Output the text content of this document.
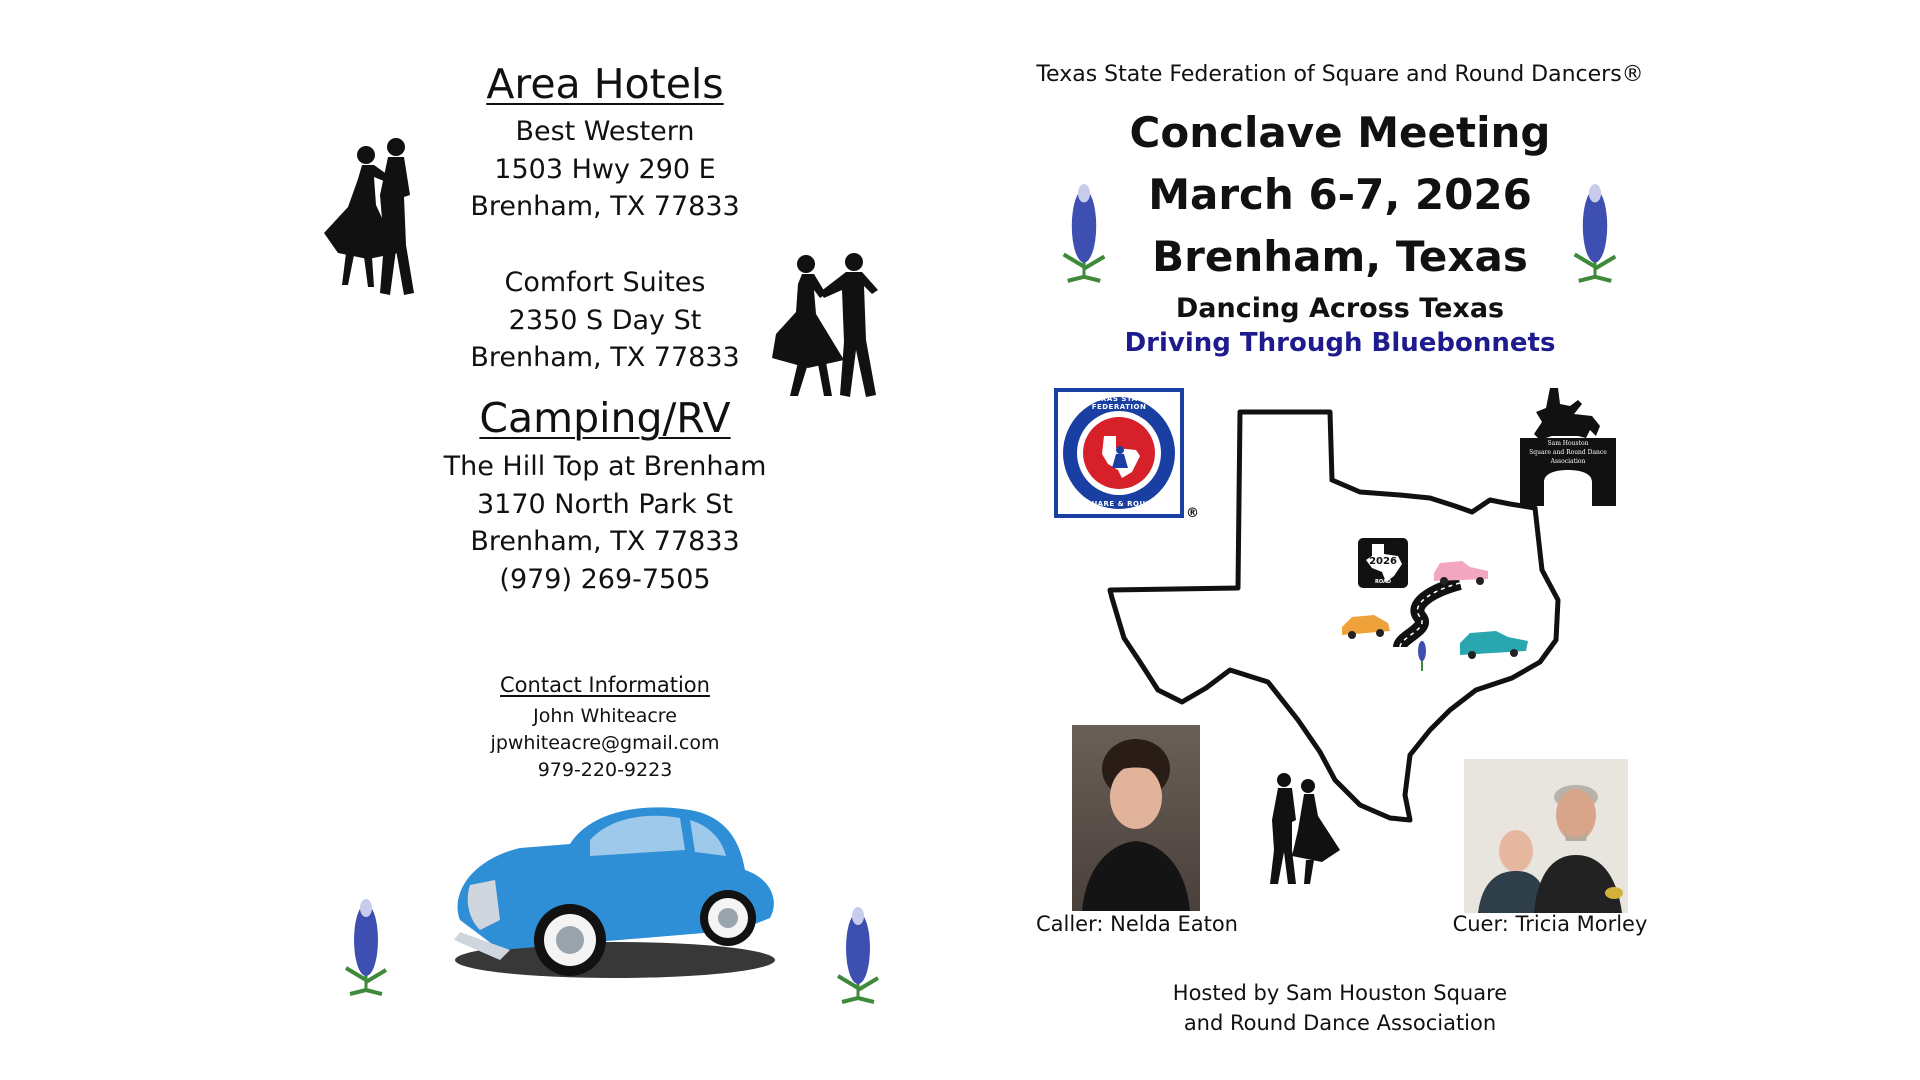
Area Hotels
Best Western
1503 Hwy 290 E
Brenham, TX 77833
Comfort Suites
2350 S Day St
Brenham, TX 77833
Camping/RV
The Hill Top at Brenham
3170 North Park St
Brenham, TX 77833
(979) 269-7505
Contact Information
John Whiteacre
jpwhiteacre@gmail.com
979-220-9223
Texas State Federation of Square and Round Dancers®
Conclave Meeting
March 6-7, 2026
Brenham, Texas
Dancing Across Texas
Driving Through Bluebonnets
TEXAS STATE FEDERATION
SQUARE & ROUND DANCERS	®
Sam Houston
Square and Round Dance
Association
TEXAS
2026
ROAD
Caller: Nelda Eaton	Cuer: Tricia Morley
Hosted by Sam Houston Square
and Round Dance Association
